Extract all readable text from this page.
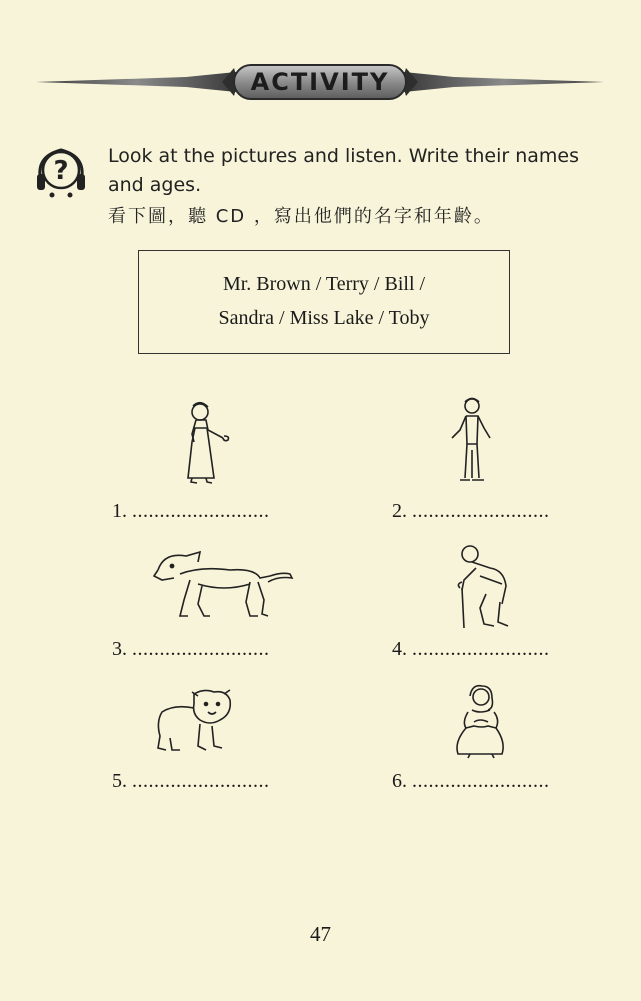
ACTIVITY
? Look at the pictures and listen. Write their names
and ages.
看下圖，聽 CD ，寫出他們的名字和年齡。
Mr. Brown / Terry / Bill /
Sandra / Miss Lake / Toby
1. .........................	2. .........................
3. .........................	4. .........................
5. .........................	6. .........................
47
